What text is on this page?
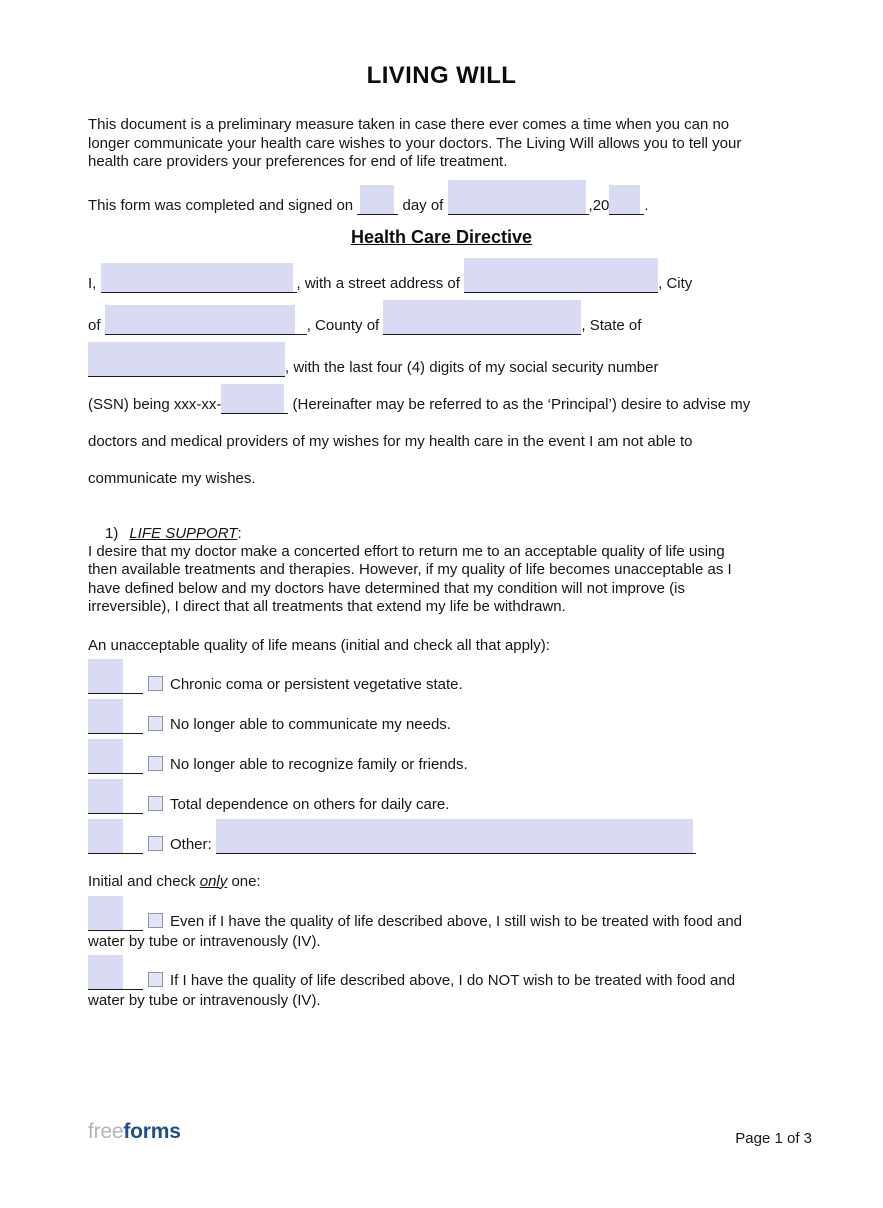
LIVING WILL
This document is a preliminary measure taken in case there ever comes a time when you can no
longer communicate your health care wishes to your doctors. The Living Will allows you to tell your
health care providers your preferences for end of life treatment.
This form was completed and signed on	day of	,20 .
Health Care Directive
I,	, with a street address of	, City
of	, County of	, State of
, with the last four (4) digits of my social security number
(SSN) being xxx-xx-	(Hereinafter may be referred to as the ‘Principal’) desire to advise my
doctors and medical providers of my wishes for my health care in the event I am not able to
communicate my wishes.
1) LIFE SUPPORT:
I desire that my doctor make a concerted effort to return me to an acceptable quality of life using
then available treatments and therapies. However, if my quality of life becomes unacceptable as I
have defined below and my doctors have determined that my condition will not improve (is
irreversible), I direct that all treatments that extend my life be withdrawn.
An unacceptable quality of life means (initial and check all that apply):
Chronic coma or persistent vegetative state.
No longer able to communicate my needs.
No longer able to recognize family or friends.
Total dependence on others for daily care.
Other:
Initial and check only one:
Even if I have the quality of life described above, I still wish to be treated with food and
water by tube or intravenously (IV).
If I have the quality of life described above, I do NOT wish to be treated with food and
water by tube or intravenously (IV).
freeforms	Page 1 of 3
